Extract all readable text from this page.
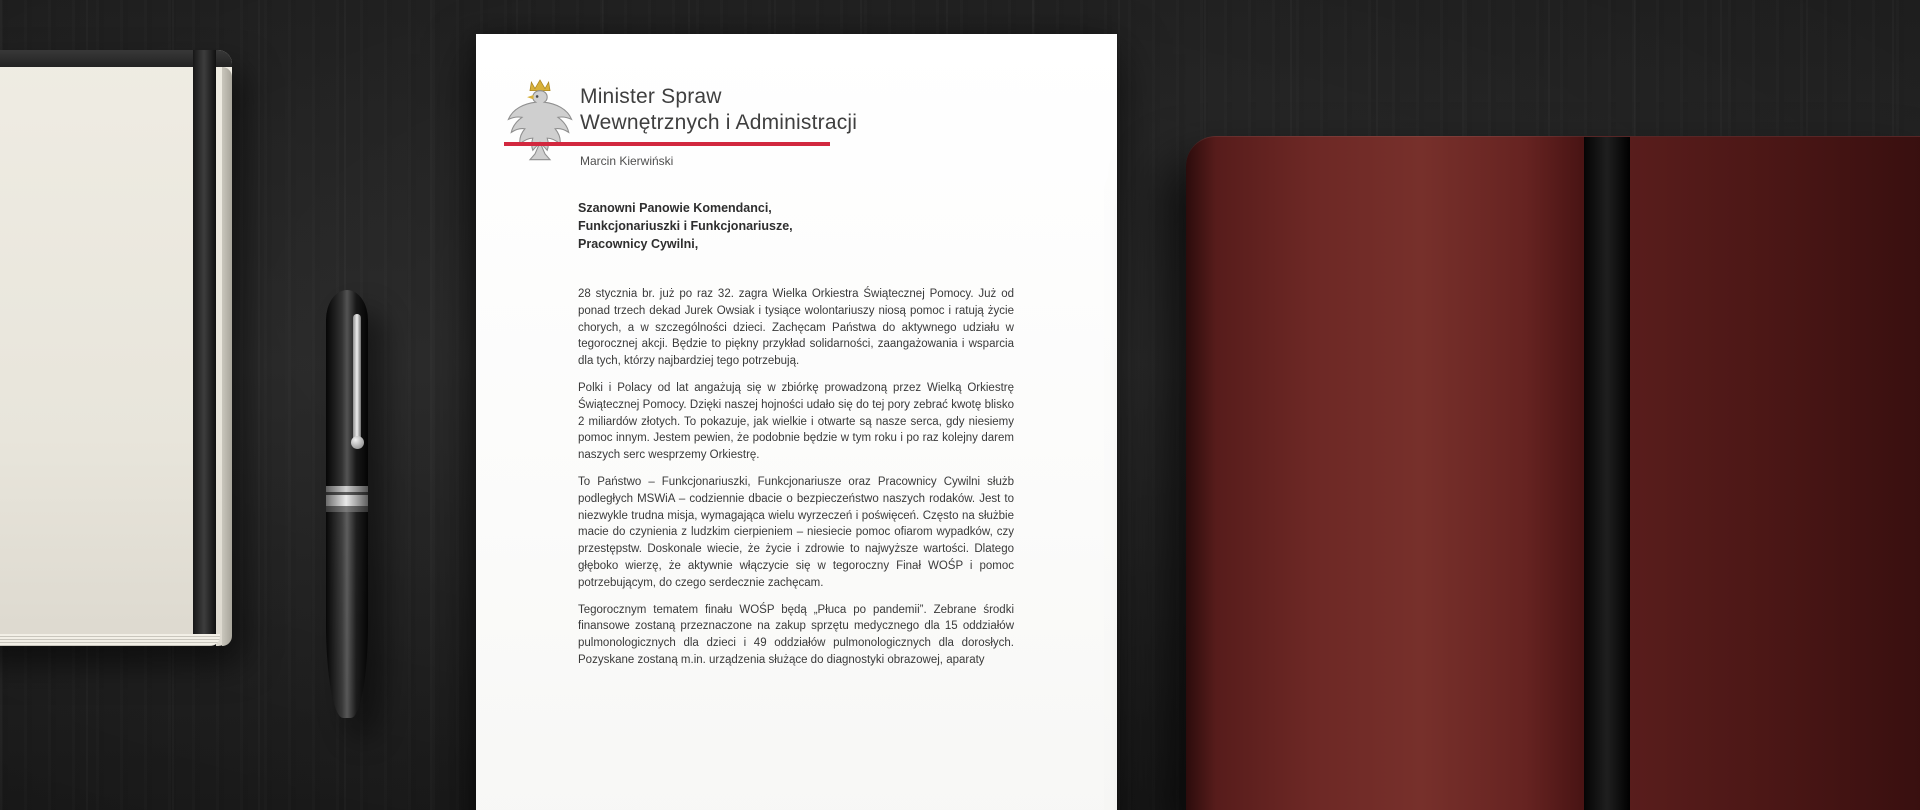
Minister Spraw
Wewnętrznych i Administracji
Marcin Kierwiński
Szanowni Panowie Komendanci,
Funkcjonariuszki i Funkcjonariusze,
Pracownicy Cywilni,

28 stycznia br. już po raz 32. zagra Wielka Orkiestra Świątecznej Pomocy. Już od ponad trzech dekad Jurek Owsiak i tysiące wolontariuszy niosą pomoc i ratują życie chorych, a w szczególności dzieci. Zachęcam Państwa do aktywnego udziału w tegorocznej akcji. Będzie to piękny przykład solidarności, zaangażowania i wsparcia dla tych, którzy najbardziej tego potrzebują.

Polki i Polacy od lat angażują się w zbiórkę prowadzoną przez Wielką Orkiestrę Świątecznej Pomocy. Dzięki naszej hojności udało się do tej pory zebrać kwotę blisko 2 miliardów złotych. To pokazuje, jak wielkie i otwarte są nasze serca, gdy niesiemy pomoc innym. Jestem pewien, że podobnie będzie w tym roku i po raz kolejny darem naszych serc wesprzemy Orkiestrę.

To Państwo – Funkcjonariuszki, Funkcjonariusze oraz Pracownicy Cywilni służb podległych MSWiA – codziennie dbacie o bezpieczeństwo naszych rodaków. Jest to niezwykle trudna misja, wymagająca wielu wyrzeczeń i poświęceń. Często na służbie macie do czynienia z ludzkim cierpieniem – niesiecie pomoc ofiarom wypadków, czy przestępstw. Doskonale wiecie, że życie i zdrowie to najwyższe wartości. Dlatego głęboko wierzę, że aktywnie włączycie się w tegoroczny Finał WOŚP i pomoc potrzebującym, do czego serdecznie zachęcam.

Tegorocznym tematem finału WOŚP będą „Płuca po pandemii”. Zebrane środki finansowe zostaną przeznaczone na zakup sprzętu medycznego dla 15 oddziałów pulmonologicznych dla dzieci i 49 oddziałów pulmonologicznych dla dorosłych. Pozyskane zostaną m.in. urządzenia służące do diagnostyki obrazowej, aparaty
